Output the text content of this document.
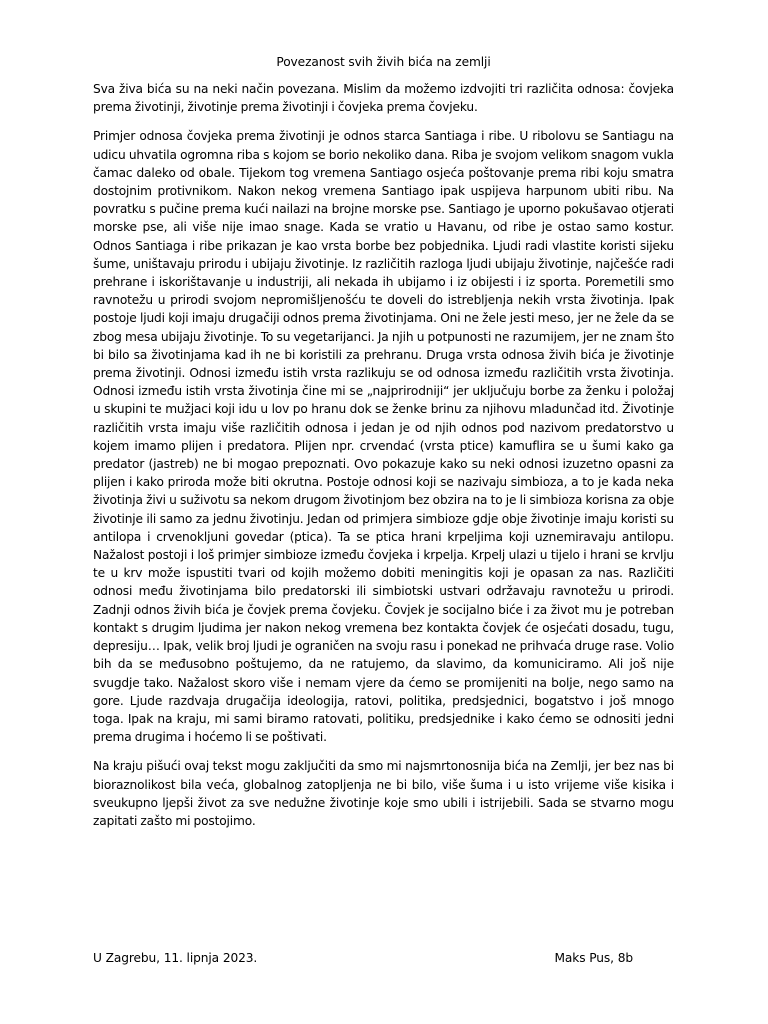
Povezanost svih živih bića na zemlji

Sva živa bića su na neki način povezana. Mislim da možemo izdvojiti tri različita odnosa: čovjeka prema životinji, životinje prema životinji i čovjeka prema čovjeku.

Primjer odnosa čovjeka prema životinji je odnos starca Santiaga i ribe. U ribolovu se Santiagu na udicu uhvatila ogromna riba s kojom se borio nekoliko dana. Riba je svojom velikom snagom vukla čamac daleko od obale. Tijekom tog vremena Santiago osjeća poštovanje prema ribi koju smatra dostojnim protivnikom. Nakon nekog vremena Santiago ipak uspijeva harpunom ubiti ribu. Na povratku s pučine prema kući nailazi na brojne morske pse. Santiago je uporno pokušavao otjerati morske pse, ali više nije imao snage. Kada se vratio u Havanu, od ribe je ostao samo kostur. Odnos Santiaga i ribe prikazan je kao vrsta borbe bez pobjednika. Ljudi radi vlastite koristi sijeku šume, uništavaju prirodu i ubijaju životinje. Iz različitih razloga ljudi ubijaju životinje, najčešće radi prehrane i iskorištavanje u industriji, ali nekada ih ubijamo i iz obijesti i iz sporta. Poremetili smo ravnotežu u prirodi svojom nepromišljenošću te doveli do istrebljenja nekih vrsta životinja. Ipak postoje ljudi koji imaju drugačiji odnos prema životinjama. Oni ne žele jesti meso, jer ne žele da se zbog mesa ubijaju životinje. To su vegetarijanci. Ja njih u potpunosti ne razumijem, jer ne znam što bi bilo sa životinjama kad ih ne bi koristili za prehranu. Druga vrsta odnosa živih bića je životinje prema životinji. Odnosi između istih vrsta razlikuju se od odnosa između različitih vrsta životinja. Odnosi između istih vrsta životinja čine mi se „najprirodniji“ jer uključuju borbe za ženku i položaj u skupini te mužjaci koji idu u lov po hranu dok se ženke brinu za njihovu mladunčad itd. Životinje različitih vrsta imaju više različitih odnosa i jedan je od njih odnos pod nazivom predatorstvo u kojem imamo plijen i predatora. Plijen npr. crvendać (vrsta ptice) kamuflira se u šumi kako ga predator (jastreb) ne bi mogao prepoznati. Ovo pokazuje kako su neki odnosi izuzetno opasni za plijen i kako priroda može biti okrutna. Postoje odnosi koji se nazivaju simbioza, a to je kada neka životinja živi u suživotu sa nekom drugom životinjom bez obzira na to je li simbioza korisna za obje životinje ili samo za jednu životinju. Jedan od primjera simbioze gdje obje životinje imaju koristi su antilopa i crvenokljuni govedar (ptica). Ta se ptica hrani krpeljima koji uznemiravaju antilopu. Nažalost postoji i loš primjer simbioze između čovjeka i krpelja. Krpelj ulazi u tijelo i hrani se krvlju te u krv može ispustiti tvari od kojih možemo dobiti meningitis koji je opasan za nas. Različiti odnosi među životinjama bilo predatorski ili simbiotski ustvari održavaju ravnotežu u prirodi. Zadnji odnos živih bića je čovjek prema čovjeku. Čovjek je socijalno biće i za život mu je potreban kontakt s drugim ljudima jer nakon nekog vremena bez kontakta čovjek će osjećati dosadu, tugu, depresiju… Ipak, velik broj ljudi je ograničen na svoju rasu i ponekad ne prihvaća druge rase. Volio bih da se međusobno poštujemo, da ne ratujemo, da slavimo, da komuniciramo. Ali još nije svugdje tako. Nažalost skoro više i nemam vjere da ćemo se promijeniti na bolje, nego samo na gore. Ljude razdvaja drugačija ideologija, ratovi, politika, predsjednici, bogatstvo i još mnogo toga. Ipak na kraju, mi sami biramo ratovati, politiku, predsjednike i kako ćemo se odnositi jedni prema drugima i hoćemo li se poštivati.

Na kraju pišući ovaj tekst mogu zaključiti da smo mi najsmrtonosnija bića na Zemlji, jer bez nas bi bioraznolikost bila veća, globalnog zatopljenja ne bi bilo, više šuma i u isto vrijeme više kisika i sveukupno ljepši život za sve nedužne životinje koje smo ubili i istrijebili. Sada se stvarno mogu zapitati zašto mi postojimo.

U Zagrebu, 11. lipnja 2023.	Maks Pus, 8b
